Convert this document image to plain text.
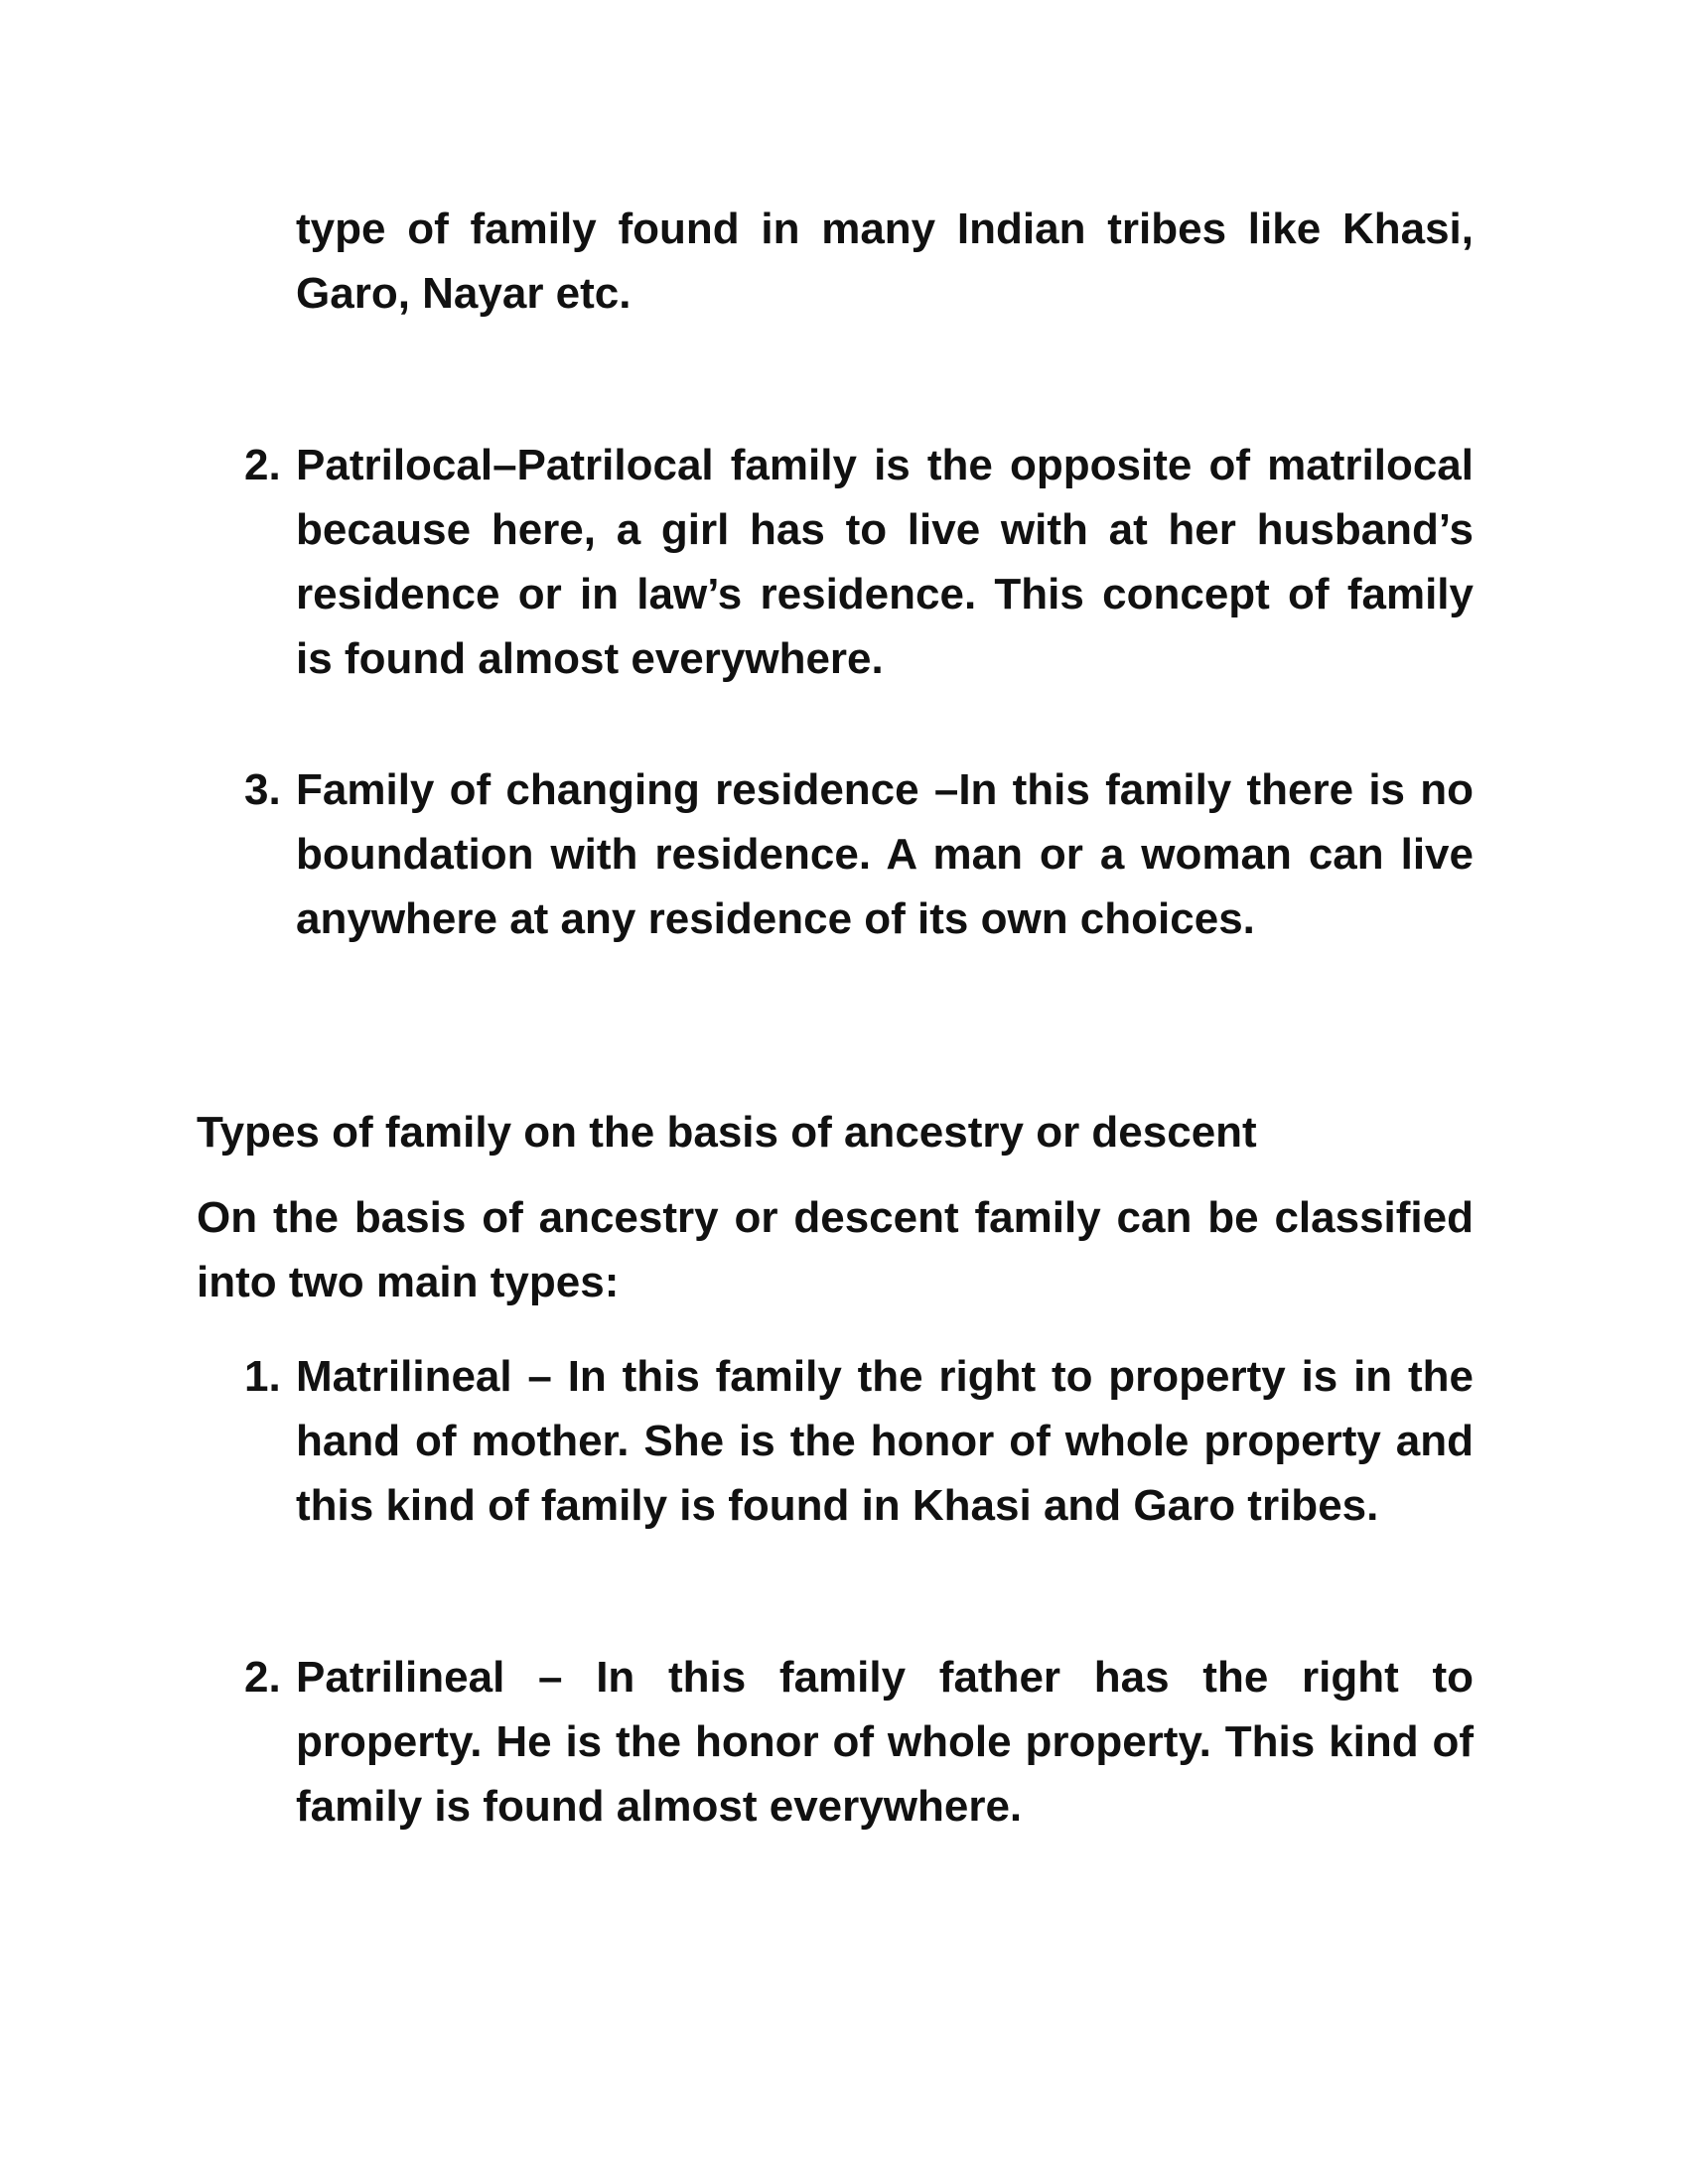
type of family found in many Indian tribes like Khasi, Garo, Nayar etc.
2. Patrilocal–Patrilocal family is the opposite of matrilocal because here, a girl has to live with at her husband’s residence or in law’s residence. This concept of family is found almost everywhere.
3. Family of changing residence –In this family there is no boundation with residence. A man or a woman can live anywhere at any residence of its own choices.
Types of family on the basis of ancestry or descent
On the basis of ancestry or descent family can be classified into two main types:
1. Matrilineal – In this family the right to property is in the hand of mother. She is the honor of whole property and this kind of family is found in Khasi and Garo tribes.
2. Patrilineal – In this family father has the right to property. He is the honor of whole property. This kind of family is found almost everywhere.
